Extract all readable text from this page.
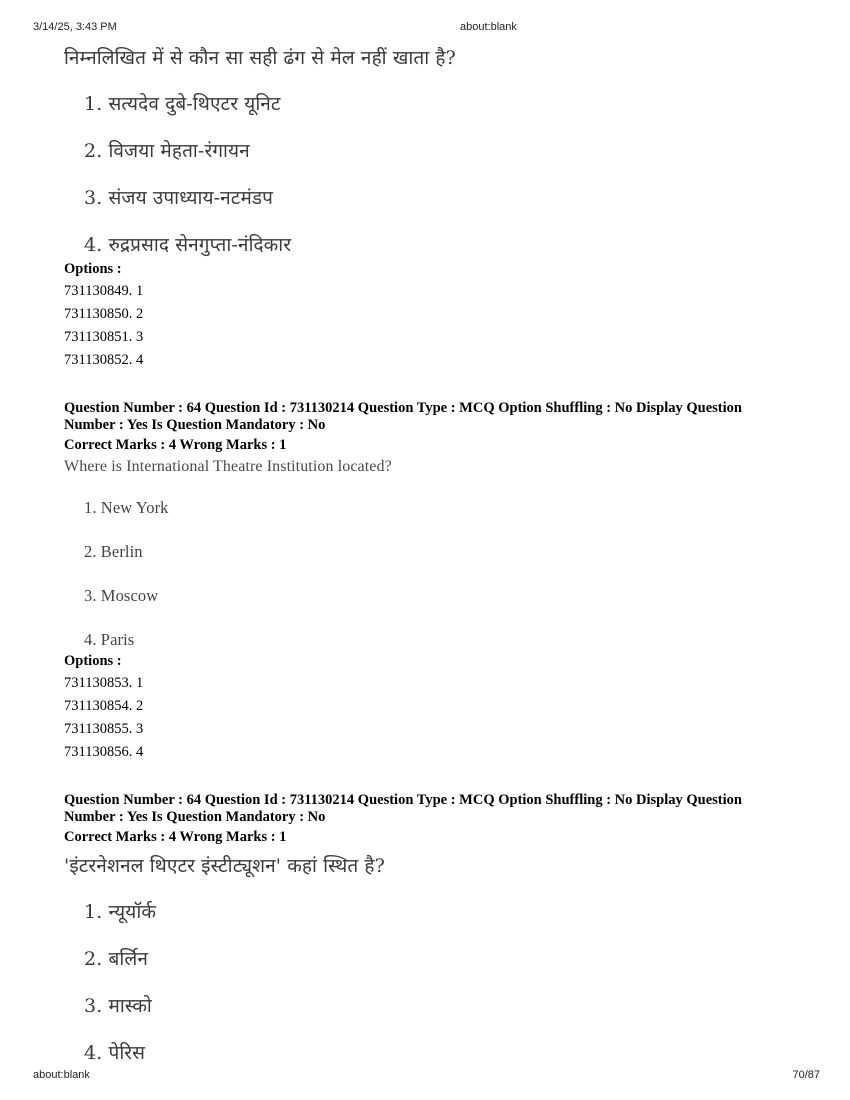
3/14/25, 3:43 PM	about:blank
निम्नलिखित में से कौन सा सही ढंग से मेल नहीं खाता है?
1. सत्यदेव दुबे-थिएटर यूनिट
2. विजया मेहता-रंगायन
3. संजय उपाध्याय-नटमंडप
4. रुद्रप्रसाद सेनगुप्ता-नंदिकार
Options :
731130849. 1
731130850. 2
731130851. 3
731130852. 4
Question Number : 64 Question Id : 731130214 Question Type : MCQ Option Shuffling : No Display Question Number : Yes Is Question Mandatory : No
Correct Marks : 4 Wrong Marks : 1
Where is International Theatre Institution located?
1. New York
2. Berlin
3. Moscow
4. Paris
Options :
731130853. 1
731130854. 2
731130855. 3
731130856. 4
Question Number : 64 Question Id : 731130214 Question Type : MCQ Option Shuffling : No Display Question Number : Yes Is Question Mandatory : No
Correct Marks : 4 Wrong Marks : 1
'इंटरनेशनल थिएटर इंस्टीट्यूशन' कहां स्थित है?
1. न्यूयॉर्क
2. बर्लिन
3. मास्को
4. पेरिस
about:blank	70/87
